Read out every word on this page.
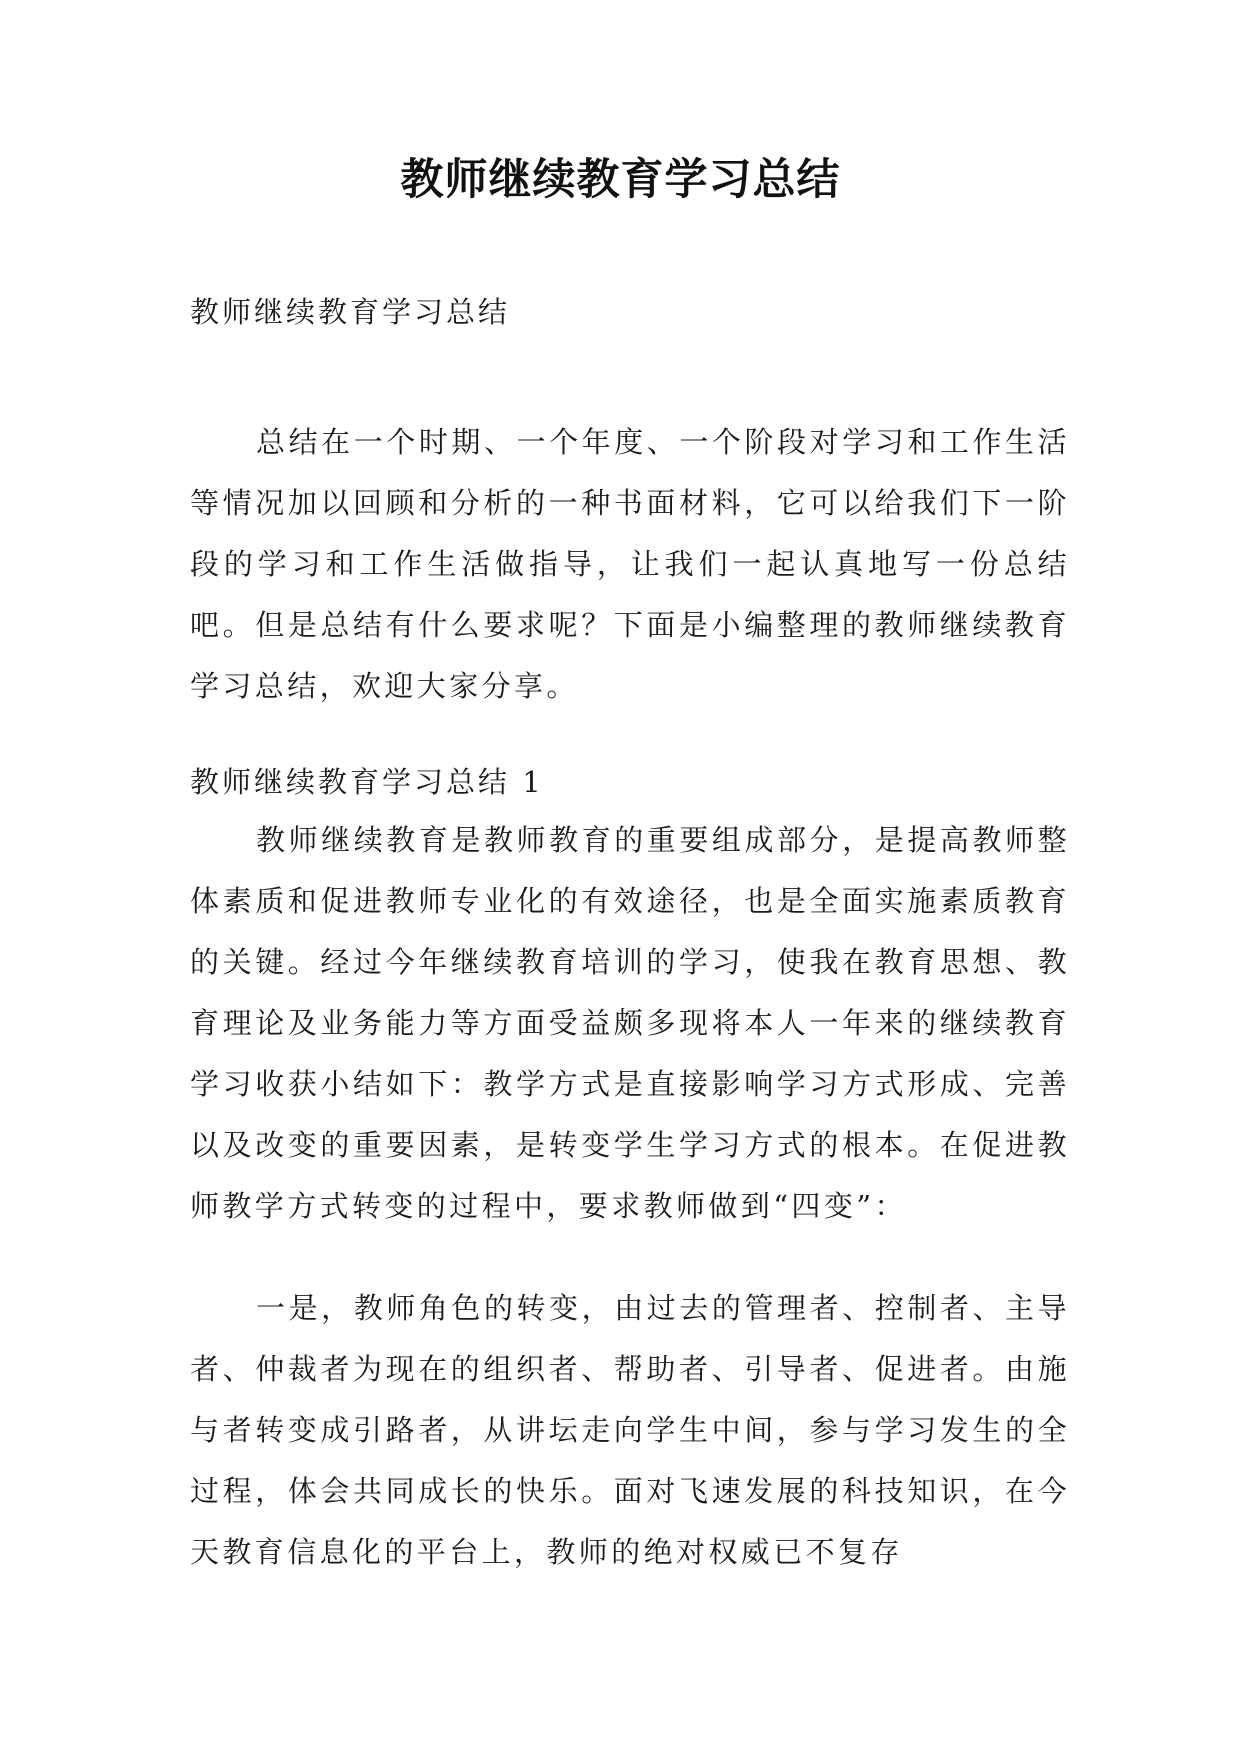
教师继续教育学习总结
教师继续教育学习总结
总结在一个时期、一个年度、一个阶段对学习和工作生活等情况加以回顾和分析的一种书面材料，它可以给我们下一阶段的学习和工作生活做指导，让我们一起认真地写一份总结吧。但是总结有什么要求呢？下面是小编整理的教师继续教育学习总结，欢迎大家分享。
教师继续教育学习总结 1
教师继续教育是教师教育的重要组成部分，是提高教师整体素质和促进教师专业化的有效途径，也是全面实施素质教育的关键。经过今年继续教育培训的学习，使我在教育思想、教育理论及业务能力等方面受益颇多现将本人一年来的继续教育学习收获小结如下：教学方式是直接影响学习方式形成、完善以及改变的重要因素，是转变学生学习方式的根本。在促进教师教学方式转变的过程中，要求教师做到“四变”：
一是，教师角色的转变，由过去的管理者、控制者、主导者、仲裁者为现在的组织者、帮助者、引导者、促进者。由施与者转变成引路者，从讲坛走向学生中间，参与学习发生的全过程，体会共同成长的快乐。面对飞速发展的科技知识，在今天教育信息化的平台上，教师的绝对权威已不复存
